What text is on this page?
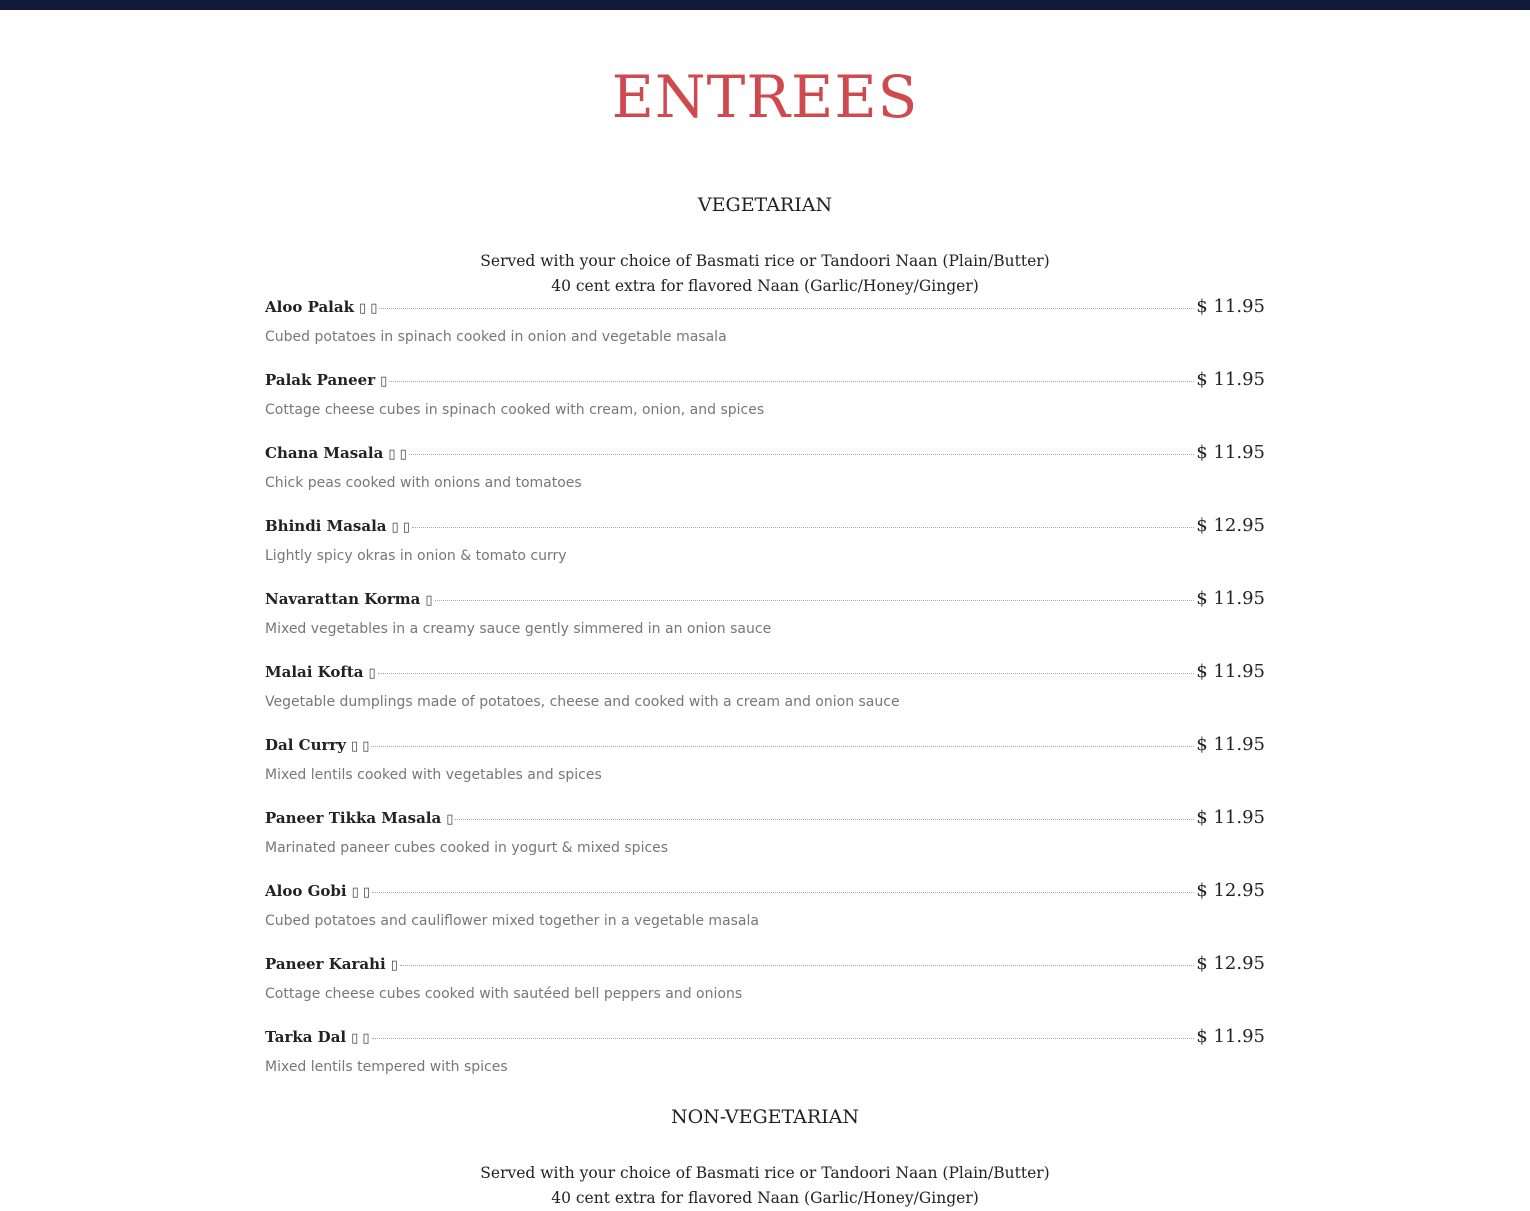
ENTREES
VEGETARIAN
Served with your choice of Basmati rice or Tandoori Naan (Plain/Butter)
40 cent extra for flavored Naan (Garlic/Honey/Ginger)
Aloo Palak ▯ ▯	$ 11.95
Cubed potatoes in spinach cooked in onion and vegetable masala
Palak Paneer ▯	$ 11.95
Cottage cheese cubes in spinach cooked with cream, onion, and spices
Chana Masala ▯ ▯	$ 11.95
Chick peas cooked with onions and tomatoes
Bhindi Masala ▯ ▯	$ 12.95
Lightly spicy okras in onion & tomato curry
Navarattan Korma ▯	$ 11.95
Mixed vegetables in a creamy sauce gently simmered in an onion sauce
Malai Kofta ▯	$ 11.95
Vegetable dumplings made of potatoes, cheese and cooked with a cream and onion sauce
Dal Curry ▯ ▯	$ 11.95
Mixed lentils cooked with vegetables and spices
Paneer Tikka Masala ▯	$ 11.95
Marinated paneer cubes cooked in yogurt & mixed spices
Aloo Gobi ▯ ▯	$ 12.95
Cubed potatoes and cauliflower mixed together in a vegetable masala
Paneer Karahi ▯	$ 12.95
Cottage cheese cubes cooked with sautéed bell peppers and onions
Tarka Dal ▯ ▯	$ 11.95
Mixed lentils tempered with spices
NON-VEGETARIAN
Served with your choice of Basmati rice or Tandoori Naan (Plain/Butter)
40 cent extra for flavored Naan (Garlic/Honey/Ginger)
